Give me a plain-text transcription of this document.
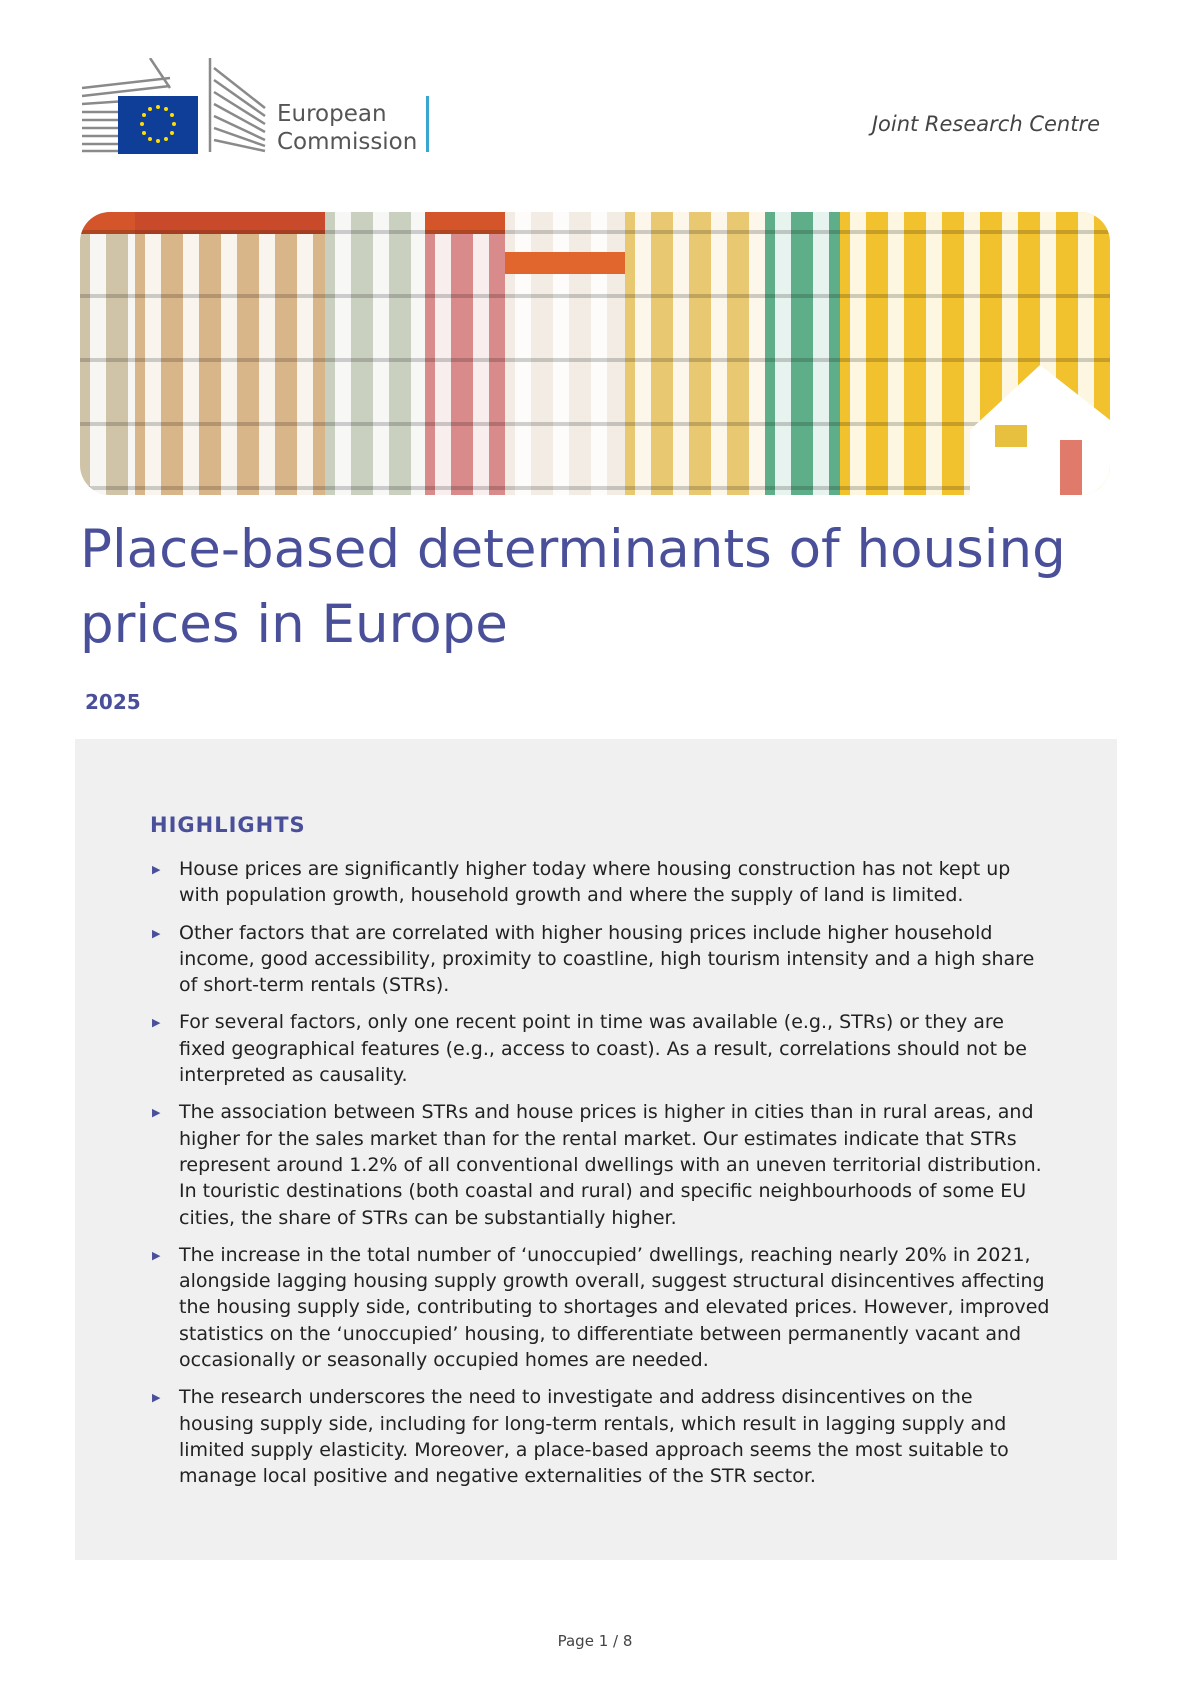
European
Commission
Joint Research Centre
Place-based determinants of housing prices in Europe
2025
HIGHLIGHTS
▶ House prices are significantly higher today where housing construction has not kept up with population growth, household growth and where the supply of land is limited.
▶ Other factors that are correlated with higher housing prices include higher household income, good accessibility, proximity to coastline, high tourism intensity and a high share of short-term rentals (STRs).
▶ For several factors, only one recent point in time was available (e.g., STRs) or they are fixed geographical features (e.g., access to coast). As a result, correlations should not be interpreted as causality.
▶ The association between STRs and house prices is higher in cities than in rural areas, and higher for the sales market than for the rental market. Our estimates indicate that STRs represent around 1.2% of all conventional dwellings with an uneven territorial distribution. In touristic destinations (both coastal and rural) and specific neighbourhoods of some EU cities, the share of STRs can be substantially higher.
▶ The increase in the total number of ‘unoccupied’ dwellings, reaching nearly 20% in 2021, alongside lagging housing supply growth overall, suggest structural disincentives affecting the housing supply side, contributing to shortages and elevated prices. However, improved statistics on the ‘unoccupied’ housing, to differentiate between permanently vacant and occasionally or seasonally occupied homes are needed.
▶ The research underscores the need to investigate and address disincentives on the housing supply side, including for long-term rentals, which result in lagging supply and limited supply elasticity. Moreover, a place-based approach seems the most suitable to manage local positive and negative externalities of the STR sector.
Page 1 / 8
